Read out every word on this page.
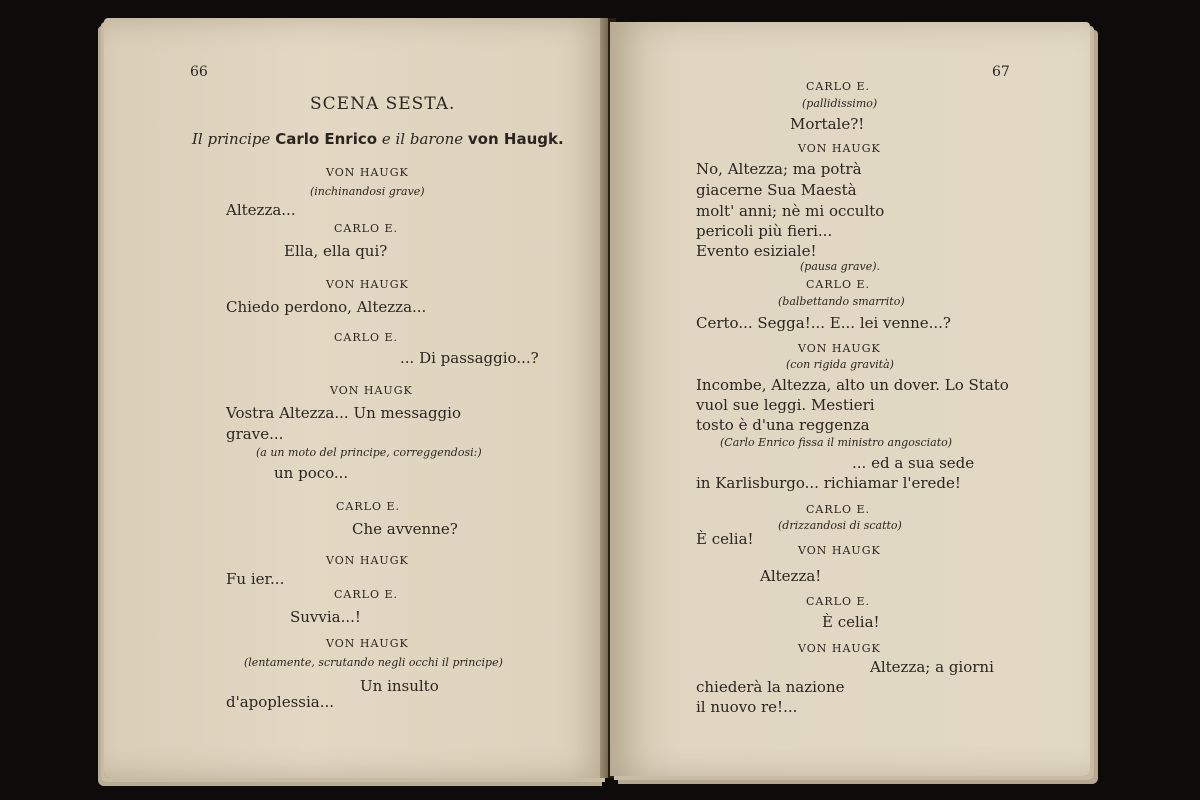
66

SCENA SESTA.

Il principe Carlo Enrico e il barone von Haugk.

VON HAUGK

(inchinandosi grave)

Altezza...

CARLO E.

Ella, ella qui?

VON HAUGK

Chiedo perdono, Altezza...

CARLO E.

... Di passaggio...?

VON HAUGK

Vostra Altezza... Un messaggio

grave...

(a un moto del principe, correggendosi:)

un poco...

CARLO E.

Che avvenne?

VON HAUGK

Fu ier...

CARLO E.

Suvvia...!

VON HAUGK

(lentamente, scrutando negli occhi il principe)

Un insulto

d'apoplessia...

67

CARLO E.

(pallidissimo)

Mortale?!

VON HAUGK

No, Altezza; ma potrà

giacerne Sua Maestà

molt' anni; nè mi occulto

pericoli più fieri...

Evento esiziale!

(pausa grave).

CARLO E.

(balbettando smarrito)

Certo... Segga!... E... lei venne...?

VON HAUGK

(con rigida gravità)

Incombe, Altezza, alto un dover. Lo Stato

vuol sue leggi. Mestieri

tosto è d'una reggenza

(Carlo Enrico fissa il ministro angosciato)

... ed a sua sede

in Karlisburgo... richiamar l'erede!

CARLO E.

(drizzandosi di scatto)

È celia!

VON HAUGK

Altezza!

CARLO E.

È celia!

VON HAUGK

Altezza; a giorni

chiederà la nazione

il nuovo re!...
